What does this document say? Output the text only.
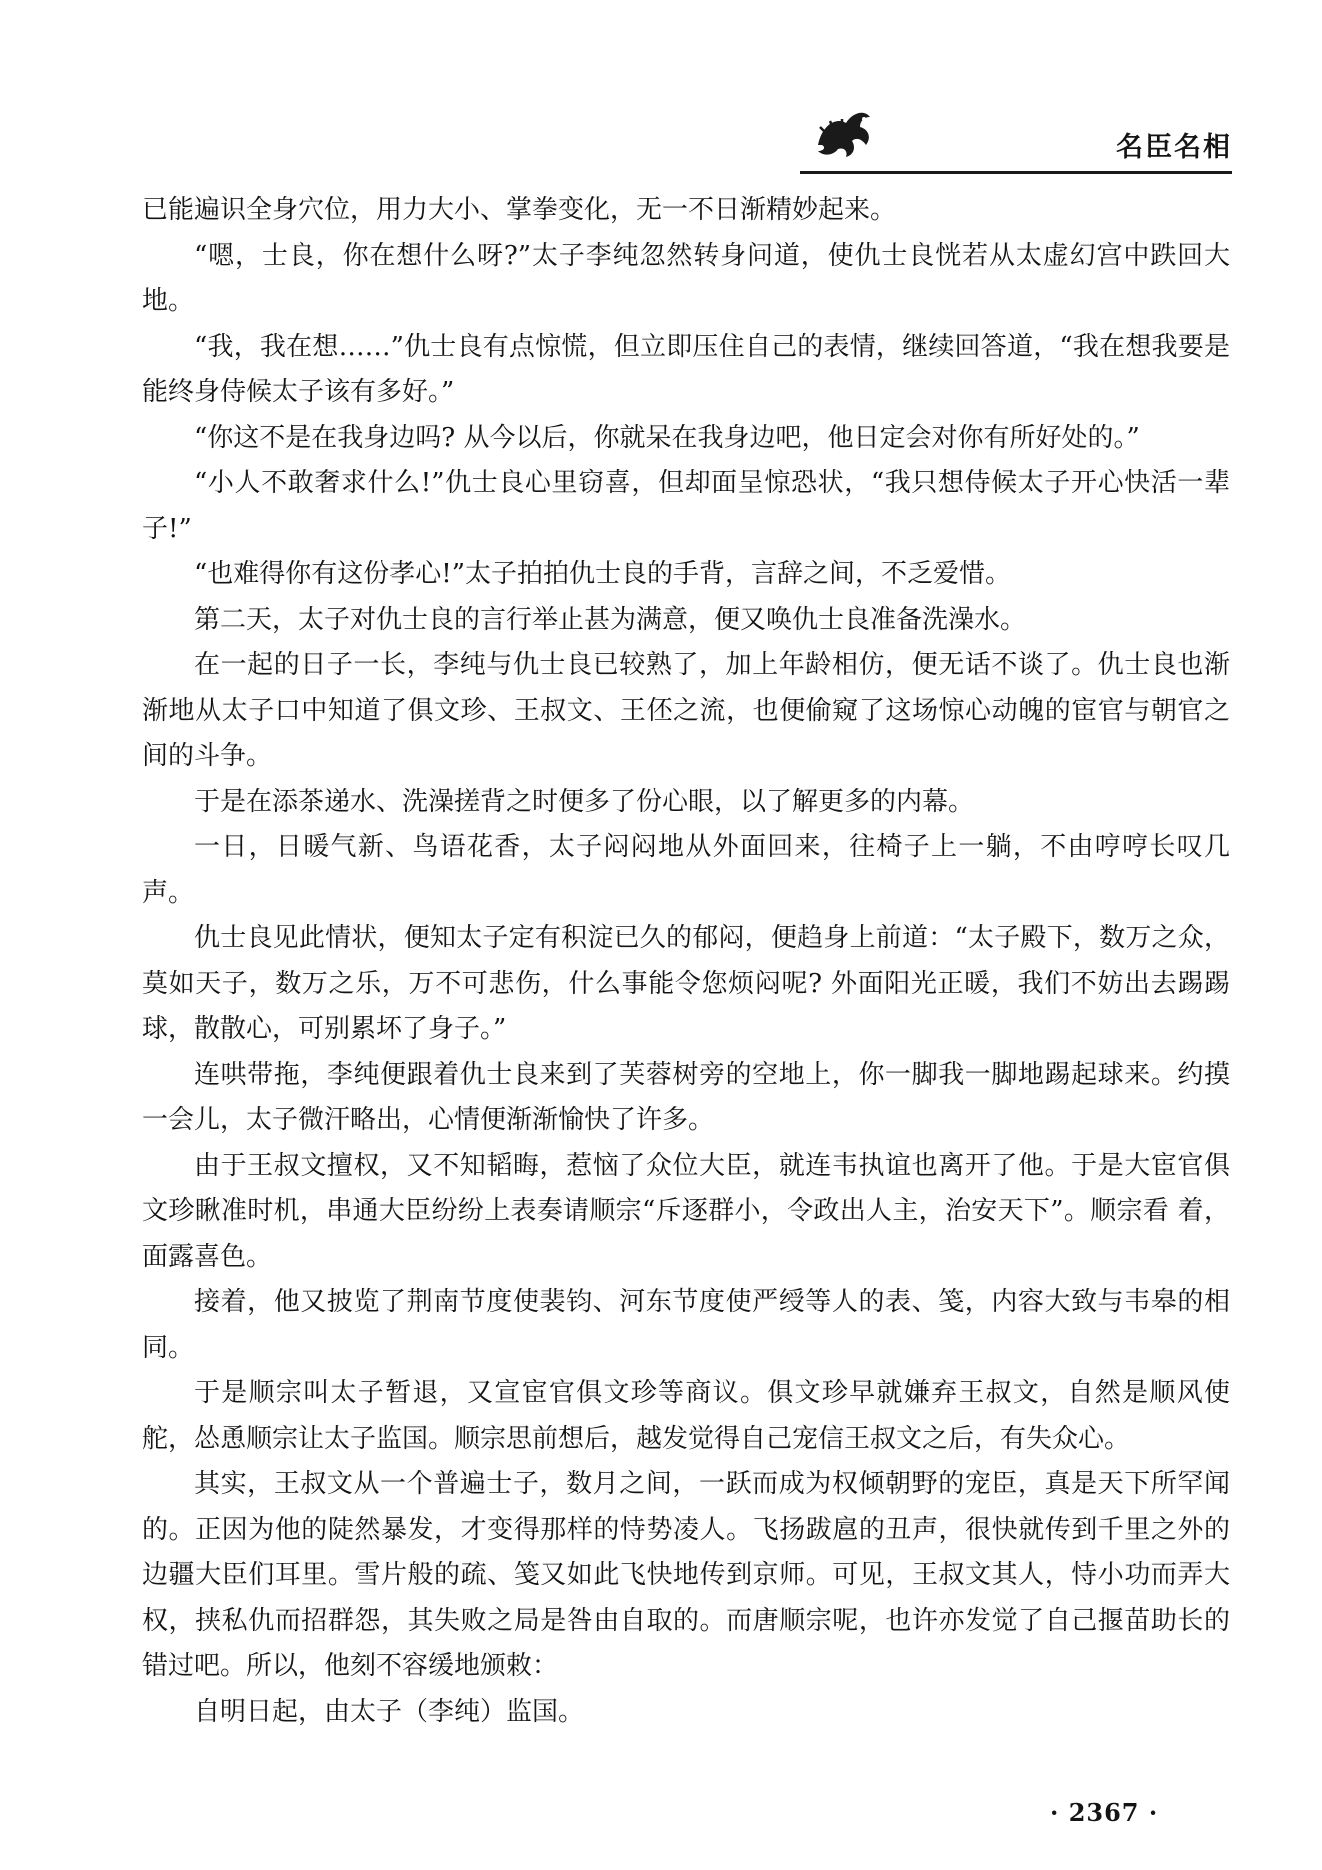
名臣名相

已能遍识全身穴位，用力大小、掌拳变化，无一不日渐精妙起来。

“嗯，士良，你在想什么呀?”太子李纯忽然转身问道，使仇士良恍若从太虚幻宫中跌回大地。

“我，我在想……”仇士良有点惊慌，但立即压住自己的表情，继续回答道，“我在想我要是能终身侍候太子该有多好。”

“你这不是在我身边吗? 从今以后，你就呆在我身边吧，他日定会对你有所好处的。”

“小人不敢奢求什么!”仇士良心里窃喜，但却面呈惊恐状，“我只想侍候太子开心快活一辈子!”

“也难得你有这份孝心!”太子拍拍仇士良的手背，言辞之间，不乏爱惜。

第二天，太子对仇士良的言行举止甚为满意，便又唤仇士良准备洗澡水。

在一起的日子一长，李纯与仇士良已较熟了，加上年龄相仿，便无话不谈了。仇士良也渐渐地从太子口中知道了俱文珍、王叔文、王伾之流，也便偷窥了这场惊心动魄的宦官与朝官之间的斗争。

于是在添茶递水、洗澡搓背之时便多了份心眼，以了解更多的内幕。

一日，日暖气新、鸟语花香，太子闷闷地从外面回来，往椅子上一躺，不由哼哼长叹几声。

仇士良见此情状，便知太子定有积淀已久的郁闷，便趋身上前道：“太子殿下，数万之众，莫如天子，数万之乐，万不可悲伤，什么事能令您烦闷呢? 外面阳光正暖，我们不妨出去踢踢球，散散心，可别累坏了身子。”

连哄带拖，李纯便跟着仇士良来到了芙蓉树旁的空地上，你一脚我一脚地踢起球来。约摸一会儿，太子微汗略出，心情便渐渐愉快了许多。

由于王叔文擅权，又不知韬晦，惹恼了众位大臣，就连韦执谊也离开了他。于是大宦官俱文珍瞅准时机，串通大臣纷纷上表奏请顺宗“斥逐群小，令政出人主，治安天下”。顺宗看 着，面露喜色。

接着，他又披览了荆南节度使裴钧、河东节度使严绶等人的表、笺，内容大致与韦皋的相同。

于是顺宗叫太子暂退，又宣宦官俱文珍等商议。俱文珍早就嫌弃王叔文，自然是顺风使舵，怂恿顺宗让太子监国。顺宗思前想后，越发觉得自己宠信王叔文之后，有失众心。

其实，王叔文从一个普遍士子，数月之间，一跃而成为权倾朝野的宠臣，真是天下所罕闻的。正因为他的陡然暴发，才变得那样的恃势凌人。飞扬跋扈的丑声，很快就传到千里之外的边疆大臣们耳里。雪片般的疏、笺又如此飞快地传到京师。可见，王叔文其人，恃小功而弄大权，挟私仇而招群怨，其失败之局是咎由自取的。而唐顺宗呢，也许亦发觉了自己揠苗助长的错过吧。所以，他刻不容缓地颁敕：

自明日起，由太子（李纯）监国。

· 2367 ·
